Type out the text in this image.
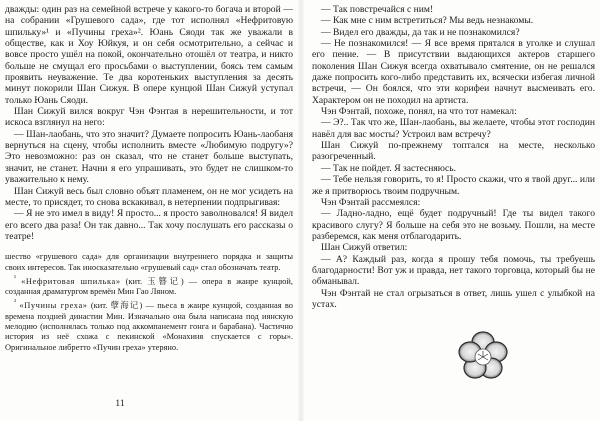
дважды: один раз на семейной встрече у какого-то богача и второй — на собрании «Грушевого сада», где тот исполнял «Нефритовую шпильку»¹ и «Пучины греха»². Юань Сяоди так же уважали в обществе, как и Хоу Юйкуя, и он себя осмотрительно, а сейчас и вовсе просто ушёл на покой, окончательно отошёл от театра, и никто больше не смущал его просьбами о выступлении, боясь тем самым проявить неуважение. Те два коротеньких выступления за десять минут покорили Шан Сижуя. В опере кунцюй Шан Сижуй уступал только Юань Сяоди.

Шан Сижуй вился вокруг Чэн Фэнтая в нерешительности, и тот искоса взглянул на него:

— Шан-лаобань, что это значит? Думаете попросить Юань-лаобаня вернуться на сцену, чтобы исполнить вместе «Любимую подругу»? Это невозможно: раз он сказал, что не станет больше выступать, значит, не станет. Начни я его упрашивать, это будет не слишком-то уважительно к нему.

Шан Сижуй весь был словно объят пламенем, он не мог усидеть на месте, то присядет, то снова вскакивал, в нетерпении подпрыгивая:

— Я не это имел в виду! Я просто... я просто заволновался! Я видел его всего два раза! Он так давно... Так хочу послушать его рассказы о театре!

шество «грушевого сада» для организации внутреннего порядка и защиты своих интересов. Так иносказательно «грушевый сад» стал обозначать театр.

$^{^1}$ «Нефритовая шпилька» (кит. 玉簪记) — опера в жанре кунцюй, созданная драматургом времён Мин Гао Ляном.

$^{^2}$ «Пучины греха» (кит. 孽海记) — пьеса в жанре кунцюй, созданная во времена поздней династии Мин. Изначально она была написана под иянскую мелодию (исполнялась только под аккомпанемент гонга и барабана). Частично история из неё схожа с пекинской «Монахиня спускается с горы». Оригинальное либретто «Пучин греха» утеряно.

11

— Так повстречайся с ним!

— Как мне с ним встретиться? Мы ведь незнакомы.

— Видел его дважды, да так и не познакомился?

— Не познакомился! — Я все время прятался в уголке и слушал его пение. — В присутствии выдающихся актеров старшего поколения Шан Сижуя всегда охватывало смятение, он не решался даже попросить кого-либо представить их, всячески избегая личной встречи, — Он боялся, что эти корифеи начнут высмеивать его. Характером он не походил на артиста.

Чэн Фэнтай, похоже, понял, на что тот намекал:

— Э?.. Так что же, Шан-лаобань, вы желаете, чтобы этот господин навёл для вас мосты? Устроил вам встречу?

Шан Сижуй по-прежнему топтался на месте, несколько разогреченный.

— Так не пойдет. Я застесняюсь.

— Тебе нельзя говорить, то я! Просто скажи, что я твой друг... или же я притворюсь твоим подручным.

Чэн Фэнтай рассмеялся:

— Ладно-ладно, ещё будет подручный! Где ты видел такого красивого слугу? Я больше на себя это не возьму. Пошли, на месте разберемся, как меня отблагодарить.

Шан Сижуй ответил:

— А? Каждый раз, когда я прошу тебя помочь, ты требуешь благодарности! Вот уж и правда, нет такого торговца, который бы не обманывал.

Чэн Фэнтай не стал огрызаться в ответ, лишь ушел с улыбкой на устах.
